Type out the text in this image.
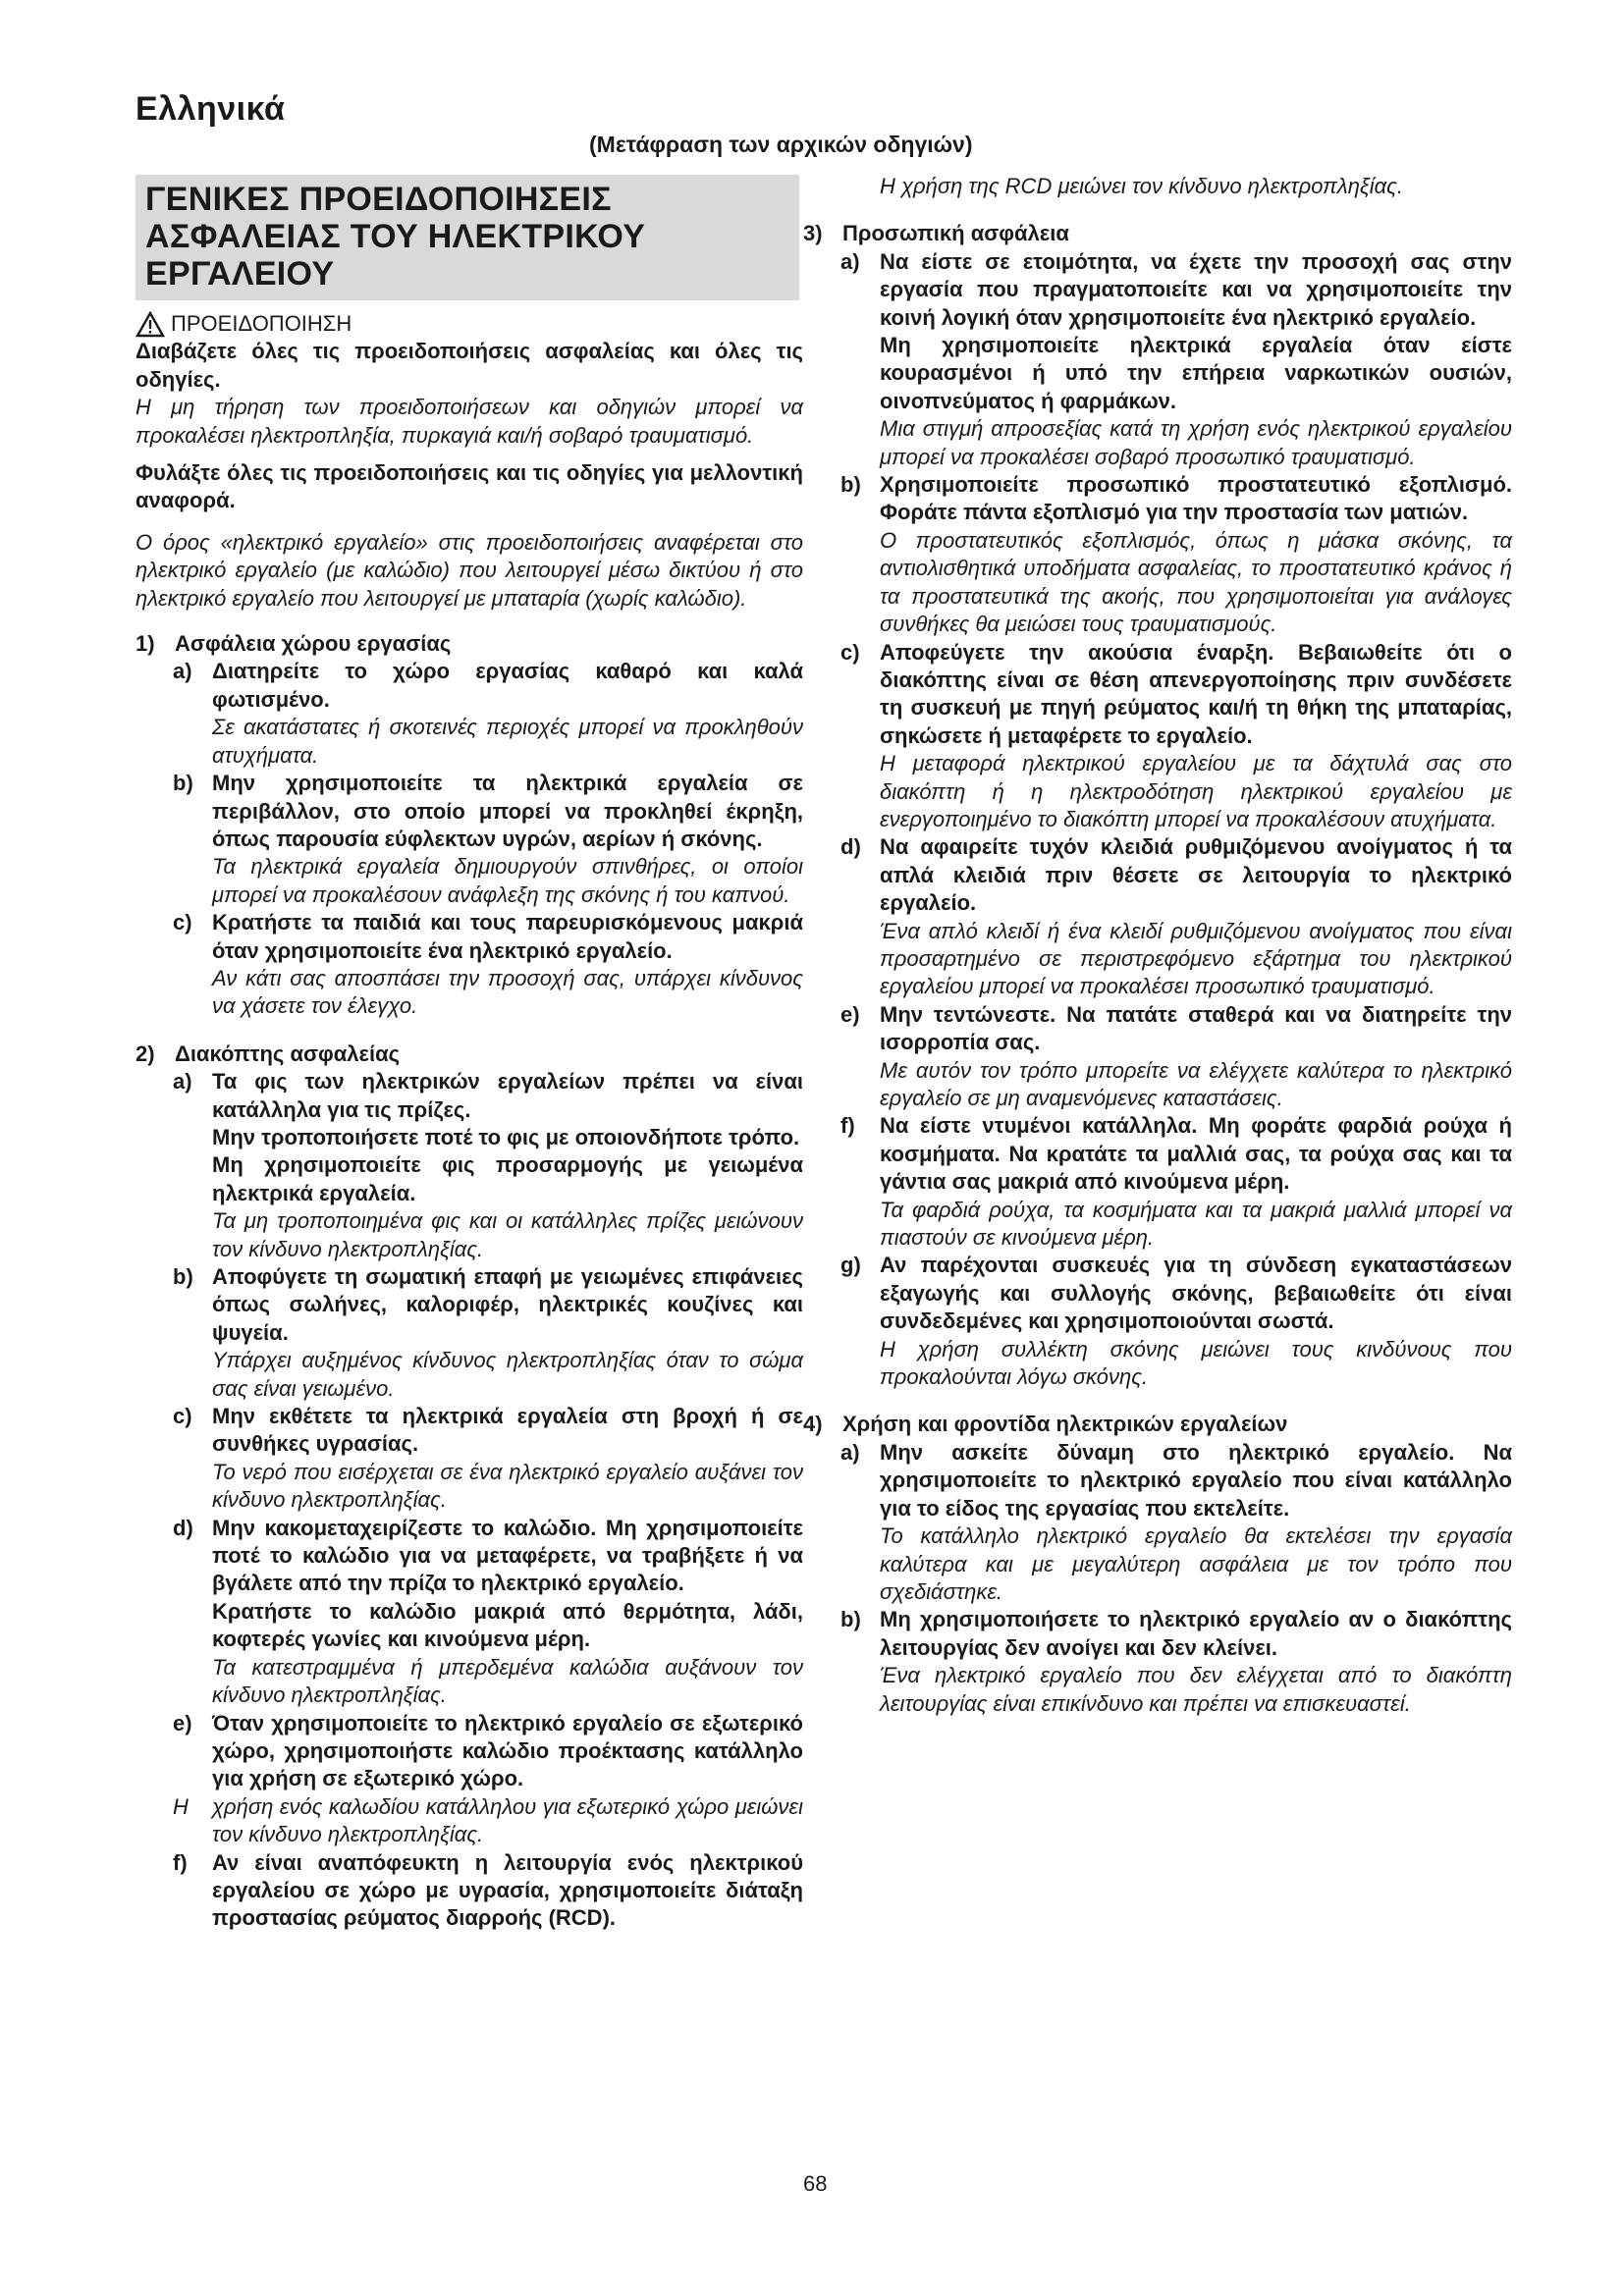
Ελληνικά
(Μετάφραση των αρχικών οδηγιών)
ΓΕΝΙΚΕΣ ΠΡΟΕΙΔΟΠΟΙΗΣΕΙΣ
ΑΣΦΑΛΕΙΑΣ ΤΟΥ ΗΛΕΚΤΡΙΚΟΥ
ΕΡΓΑΛΕΙΟΥ
ΠΡΟΕΙΔΟΠΟΙΗΣΗ

Διαβάζετε όλες τις προειδοποιήσεις ασφαλείας και όλες τις οδηγίες.

Η μη τήρηση των προειδοποιήσεων και οδηγιών μπορεί να προκαλέσει ηλεκτροπληξία, πυρκαγιά και/ή σοβαρό τραυματισμό.

Φυλάξτε όλες τις προειδοποιήσεις και τις οδηγίες για μελλοντική αναφορά.

Ο όρος «ηλεκτρικό εργαλείο» στις προειδοποιήσεις αναφέρεται στο ηλεκτρικό εργαλείο (με καλώδιο) που λειτουργεί μέσω δικτύου ή στο ηλεκτρικό εργαλείο που λειτουργεί με μπαταρία (χωρίς καλώδιο).

1) Ασφάλεια χώρου εργασίας
a) Διατηρείτε το χώρο εργασίας καθαρό και καλά φωτισμένο.

Σε ακατάστατες ή σκοτεινές περιοχές μπορεί να προκληθούν ατυχήματα.

b) Μην χρησιμοποιείτε τα ηλεκτρικά εργαλεία σε περιβάλλον, στο οποίο μπορεί να προκληθεί έκρηξη, όπως παρουσία εύφλεκτων υγρών, αερίων ή σκόνης.

Τα ηλεκτρικά εργαλεία δημιουργούν σπινθήρες, οι οποίοι μπορεί να προκαλέσουν ανάφλεξη της σκόνης ή του καπνού.

c) Κρατήστε τα παιδιά και τους παρευρισκόμενους μακριά όταν χρησιμοποιείτε ένα ηλεκτρικό εργαλείο.

Αν κάτι σας αποσπάσει την προσοχή σας, υπάρχει κίνδυνος να χάσετε τον έλεγχο.

2) Διακόπτης ασφαλείας
a) Τα φις των ηλεκτρικών εργαλείων πρέπει να είναι κατάλληλα για τις πρίζες.

Μην τροποποιήσετε ποτέ το φις με οποιονδήποτε τρόπο.

Μη χρησιμοποιείτε φις προσαρμογής με γειωμένα ηλεκτρικά εργαλεία.

Τα μη τροποποιημένα φις και οι κατάλληλες πρίζες μειώνουν τον κίνδυνο ηλεκτροπληξίας.

b) Αποφύγετε τη σωματική επαφή με γειωμένες επιφάνειες όπως σωλήνες, καλοριφέρ, ηλεκτρικές κουζίνες και ψυγεία.

Υπάρχει αυξημένος κίνδυνος ηλεκτροπληξίας όταν το σώμα σας είναι γειωμένο.

c) Μην εκθέτετε τα ηλεκτρικά εργαλεία στη βροχή ή σε συνθήκες υγρασίας.

Το νερό που εισέρχεται σε ένα ηλεκτρικό εργαλείο αυξάνει τον κίνδυνο ηλεκτροπληξίας.

d) Μην κακομεταχειρίζεστε το καλώδιο. Μη χρησιμοποιείτε ποτέ το καλώδιο για να μεταφέρετε, να τραβήξετε ή να βγάλετε από την πρίζα το ηλεκτρικό εργαλείο.

Κρατήστε το καλώδιο μακριά από θερμότητα, λάδι, κοφτερές γωνίες και κινούμενα μέρη.

Τα κατεστραμμένα ή μπερδεμένα καλώδια αυξάνουν τον κίνδυνο ηλεκτροπληξίας.

e) Όταν χρησιμοποιείτε το ηλεκτρικό εργαλείο σε εξωτερικό χώρο, χρησιμοποιήστε καλώδιο προέκτασης κατάλληλο για χρήση σε εξωτερικό χώρο.

Η	χρήση ενός καλωδίου κατάλληλου για εξωτερικό χώρο μειώνει τον κίνδυνο ηλεκτροπληξίας.

f)	Αν είναι αναπόφευκτη η λειτουργία ενός ηλεκτρικού εργαλείου σε χώρο με υγρασία, χρησιμοποιείτε διάταξη προστασίας ρεύματος διαρροής (RCD).

Η χρήση της RCD μειώνει τον κίνδυνο ηλεκτροπληξίας.

3) Προσωπική ασφάλεια
a) Να είστε σε ετοιμότητα, να έχετε την προσοχή σας στην εργασία που πραγματοποιείτε και να χρησιμοποιείτε την κοινή λογική όταν χρησιμοποιείτε ένα ηλεκτρικό εργαλείο.

Μη χρησιμοποιείτε ηλεκτρικά εργαλεία όταν είστε κουρασμένοι ή υπό την επήρεια ναρκωτικών ουσιών, οινοπνεύματος ή φαρμάκων.

Μια στιγμή απροσεξίας κατά τη χρήση ενός ηλεκτρικού εργαλείου μπορεί να προκαλέσει σοβαρό προσωπικό τραυματισμό.

b) Χρησιμοποιείτε προσωπικό προστατευτικό εξοπλισμό. Φοράτε πάντα εξοπλισμό για την προστασία των ματιών.

Ο προστατευτικός εξοπλισμός, όπως η μάσκα σκόνης, τα αντιολισθητικά υποδήματα ασφαλείας, το προστατευτικό κράνος ή τα προστατευτικά της ακοής, που χρησιμοποιείται για ανάλογες συνθήκες θα μειώσει τους τραυματισμούς.

c) Αποφεύγετε την ακούσια έναρξη. Βεβαιωθείτε ότι ο διακόπτης είναι σε θέση απενεργοποίησης πριν συνδέσετε τη συσκευή με πηγή ρεύματος και/ή τη θήκη της μπαταρίας, σηκώσετε ή μεταφέρετε το εργαλείο.

Η μεταφορά ηλεκτρικού εργαλείου με τα δάχτυλά σας στο διακόπτη ή η ηλεκτροδότηση ηλεκτρικού εργαλείου με ενεργοποιημένο το διακόπτη μπορεί να προκαλέσουν ατυχήματα.

d) Να αφαιρείτε τυχόν κλειδιά ρυθμιζόμενου ανοίγματος ή τα απλά κλειδιά πριν θέσετε σε λειτουργία το ηλεκτρικό εργαλείο.

Ένα απλό κλειδί ή ένα κλειδί ρυθμιζόμενου ανοίγματος που είναι προσαρτημένο σε περιστρεφόμενο εξάρτημα του ηλεκτρικού εργαλείου μπορεί να προκαλέσει προσωπικό τραυματισμό.

e) Μην τεντώνεστε. Να πατάτε σταθερά και να διατηρείτε την ισορροπία σας.

Με αυτόν τον τρόπο μπορείτε να ελέγχετε καλύτερα το ηλεκτρικό εργαλείο σε μη αναμενόμενες καταστάσεις.

f)	Να είστε ντυμένοι κατάλληλα. Μη φοράτε φαρδιά ρούχα ή κοσμήματα. Να κρατάτε τα μαλλιά σας, τα ρούχα σας και τα γάντια σας μακριά από κινούμενα μέρη.

Τα φαρδιά ρούχα, τα κοσμήματα και τα μακριά μαλλιά μπορεί να πιαστούν σε κινούμενα μέρη.

g) Αν παρέχονται συσκευές για τη σύνδεση εγκαταστάσεων εξαγωγής και συλλογής σκόνης, βεβαιωθείτε ότι είναι συνδεδεμένες και χρησιμοποιούνται σωστά.

Η χρήση συλλέκτη σκόνης μειώνει τους κινδύνους που προκαλούνται λόγω σκόνης.

4) Χρήση και φροντίδα ηλεκτρικών εργαλείων
a) Μην ασκείτε δύναμη στο ηλεκτρικό εργαλείο. Να χρησιμοποιείτε το ηλεκτρικό εργαλείο που είναι κατάλληλο για το είδος της εργασίας που εκτελείτε.

Το κατάλληλο ηλεκτρικό εργαλείο θα εκτελέσει την εργασία καλύτερα και με μεγαλύτερη ασφάλεια με τον τρόπο που σχεδιάστηκε.

b) Μη χρησιμοποιήσετε το ηλεκτρικό εργαλείο αν ο διακόπτης λειτουργίας δεν ανοίγει και δεν κλείνει.

Ένα ηλεκτρικό εργαλείο που δεν ελέγχεται από το διακόπτη λειτουργίας είναι επικίνδυνο και πρέπει να επισκευαστεί.

68
